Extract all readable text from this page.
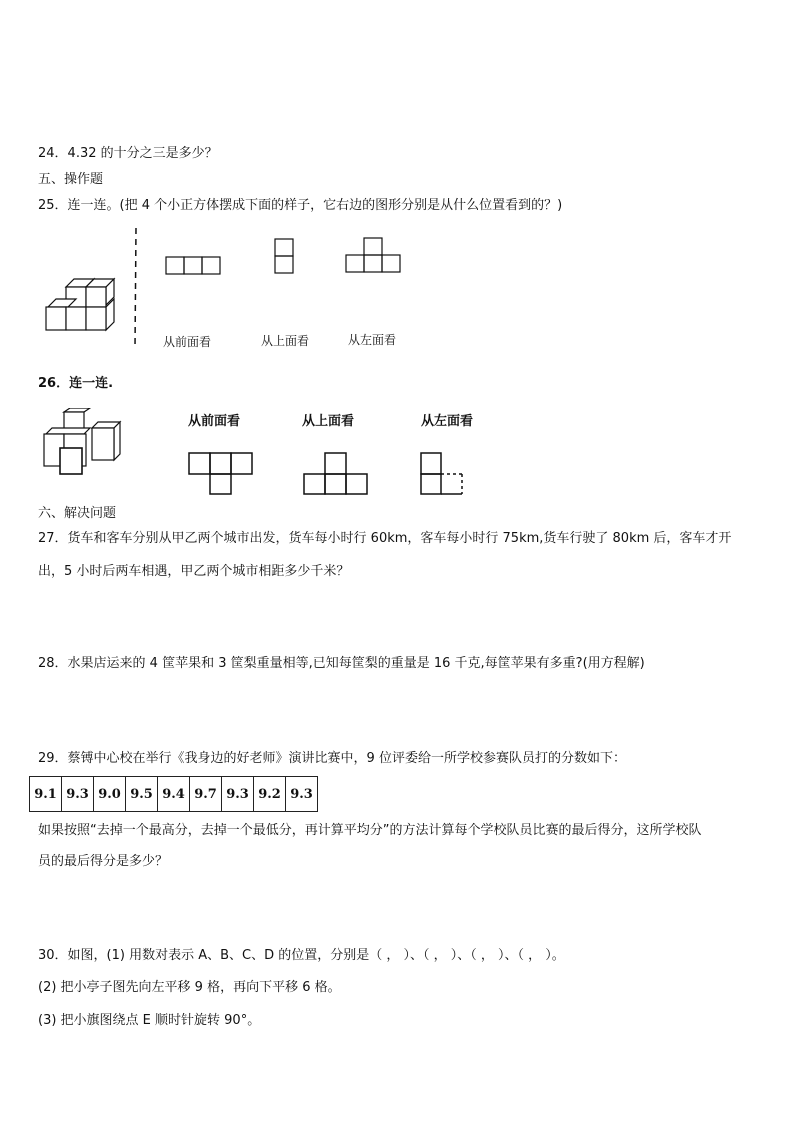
24．4.32 的十分之三是多少？
五、操作题
25．连一连。(把 4 个小正方体摆成下面的样子，它右边的图形分别是从什么位置看到的？)
从前面看	从上面看	从左面看
26．连一连.
从前面看	从上面看	从左面看
六、解决问题
27．货车和客车分别从甲乙两个城市出发，货车每小时行 60km，客车每小时行 75km,货车行驶了 80km 后，客车才开
出，5 小时后两车相遇，甲乙两个城市相距多少千米？
28．水果店运来的 4 筐苹果和 3 筐梨重量相等,已知每筐梨的重量是 16 千克,每筐苹果有多重?(用方程解)
29．蔡镈中心校在举行《我身边的好老师》演讲比赛中，9 位评委给一所学校参赛队员打的分数如下：
9.1	9.3	9.0	9.5	9.4	9.7	9.3	9.2	9.3
如果按照“去掉一个最高分，去掉一个最低分，再计算平均分”的方法计算每个学校队员比赛的最后得分，这所学校队
员的最后得分是多少？
30．如图，(1) 用数对表示 A、B、C、D 的位置，分别是（ ， ）、（ ， ）、（ ， ）、（ ， ）。
(2) 把小亭子图先向左平移 9 格，再向下平移 6 格。
(3) 把小旗图绕点 E 顺时针旋转 90°。
